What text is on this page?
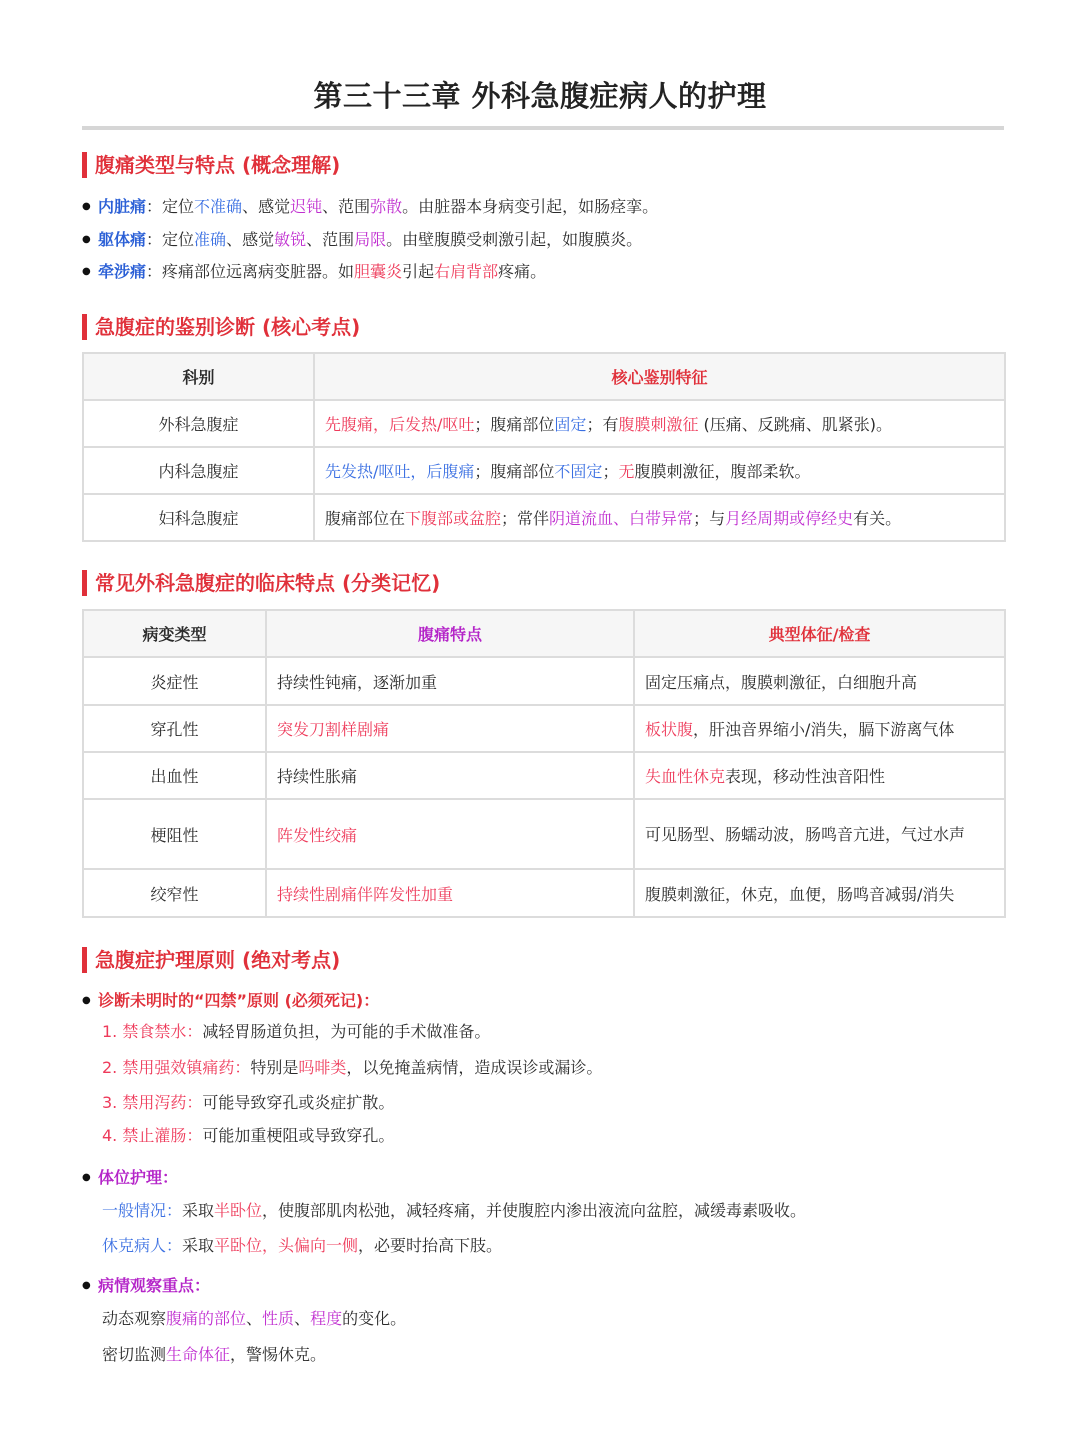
第三十三章 外科急腹症病人的护理
腹痛类型与特点 (概念理解)
● 内脏痛：定位不准确、感觉迟钝、范围弥散。由脏器本身病变引起，如肠痉挛。
● 躯体痛：定位准确、感觉敏锐、范围局限。由壁腹膜受刺激引起，如腹膜炎。
● 牵涉痛：疼痛部位远离病变脏器。如胆囊炎引起右肩背部疼痛。
急腹症的鉴别诊断 (核心考点)
科别	核心鉴别特征
外科急腹症	先腹痛，后发热/呕吐；腹痛部位固定；有腹膜刺激征 (压痛、反跳痛、肌紧张)。
内科急腹症	先发热/呕吐，后腹痛；腹痛部位不固定；无腹膜刺激征，腹部柔软。
妇科急腹症	腹痛部位在下腹部或盆腔；常伴阴道流血、白带异常；与月经周期或停经史有关。
常见外科急腹症的临床特点 (分类记忆)
病变类型	腹痛特点	典型体征/检查
炎症性	持续性钝痛，逐渐加重	固定压痛点，腹膜刺激征，白细胞升高
穿孔性	突发刀割样剧痛	板状腹，肝浊音界缩小/消失，膈下游离气体
出血性	持续性胀痛	失血性休克表现，移动性浊音阳性
梗阻性	阵发性绞痛	可见肠型、肠蠕动波，肠鸣音亢进，气过水声
绞窄性	持续性剧痛伴阵发性加重	腹膜刺激征，休克，血便，肠鸣音减弱/消失
急腹症护理原则 (绝对考点)
● 诊断未明时的“四禁”原则 (必须死记)：
1. 禁食禁水：减轻胃肠道负担，为可能的手术做准备。
2. 禁用强效镇痛药：特别是吗啡类，以免掩盖病情，造成误诊或漏诊。
3. 禁用泻药：可能导致穿孔或炎症扩散。
4. 禁止灌肠：可能加重梗阻或导致穿孔。
● 体位护理：
一般情况：采取半卧位，使腹部肌肉松弛，减轻疼痛，并使腹腔内渗出液流向盆腔，减缓毒素吸收。
休克病人：采取平卧位，头偏向一侧，必要时抬高下肢。
● 病情观察重点：
动态观察腹痛的部位、性质、程度的变化。
密切监测生命体征，警惕休克。
